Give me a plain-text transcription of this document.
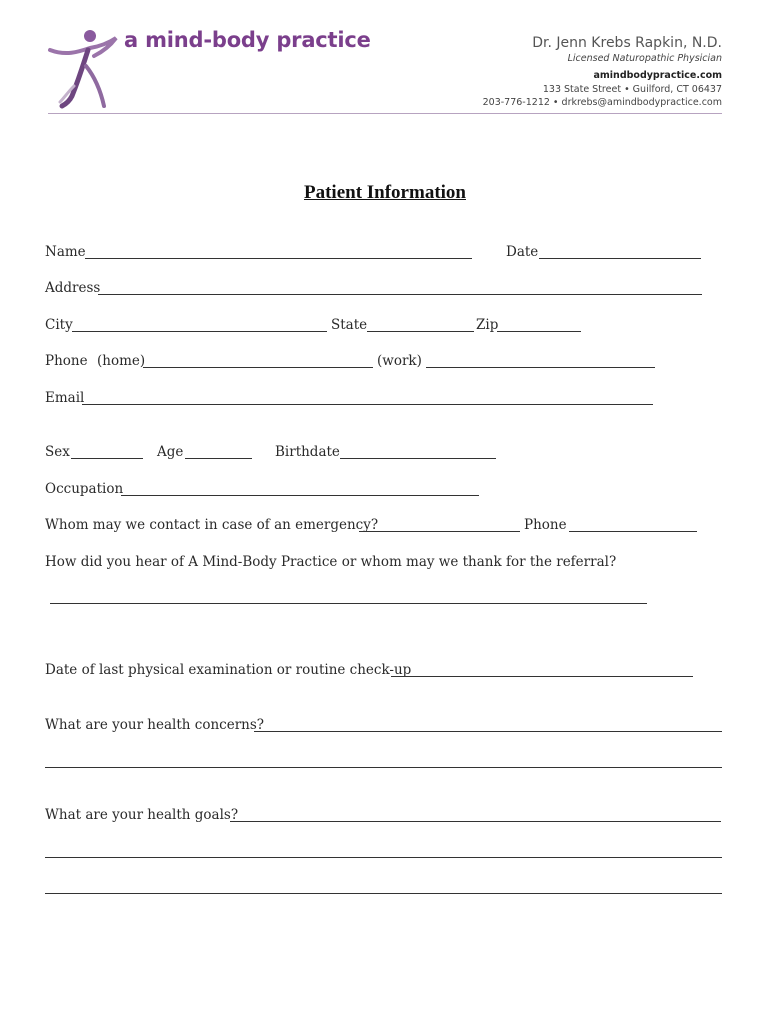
a mind-body practice	Dr. Jenn Krebs Rapkin, N.D.
Licensed Naturopathic Physician
amindbodypractice.com
133 State Street • Guilford, CT 06437
203-776-1212 • drkrebs@amindbodypractice.com
Patient Information
Name	Date
Address
City	State	Zip
Phone (home)	(work)
Email
Sex	Age	Birthdate
Occupation
Whom may we contact in case of an emergency?	Phone
How did you hear of A Mind-Body Practice or whom may we thank for the referral?
Date of last physical examination or routine check-up
What are your health concerns?
What are your health goals?
